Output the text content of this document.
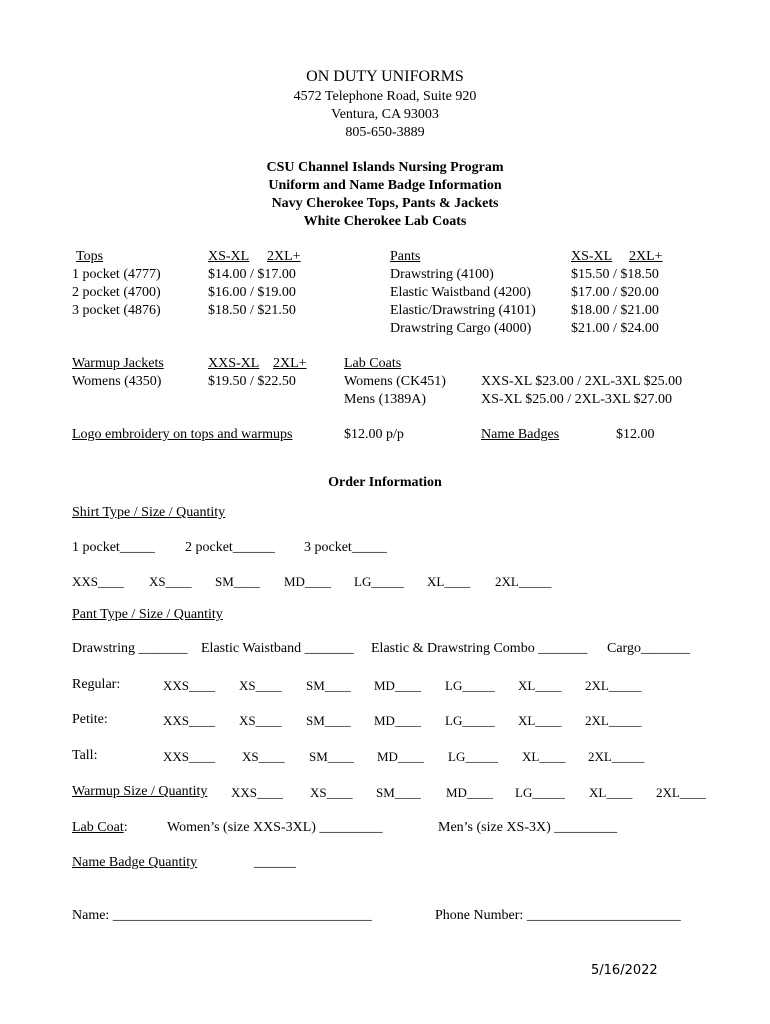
ON DUTY UNIFORMS
4572 Telephone Road, Suite 920
Ventura, CA 93003
805-650-3889
CSU Channel Islands Nursing Program
Uniform and Name Badge Information
Navy Cherokee Tops, Pants & Jackets
White Cherokee Lab Coats
Tops	XS-XL 2XL+
1 pocket (4777)	$14.00 / $17.00
2 pocket (4700)	$16.00 / $19.00
3 pocket (4876)	$18.50 / $21.50
Pants	XS-XL 2XL+
Drawstring (4100)	$15.50 / $18.50
Elastic Waistband (4200)	$17.00 / $20.00
Elastic/Drawstring (4101)	$18.00 / $21.00
Drawstring Cargo (4000)	$21.00 / $24.00
Warmup Jackets	XXS-XL 2XL+
Womens (4350)	$19.50 / $22.50
Lab Coats
Womens (CK451)	XXS-XL $23.00 / 2XL-3XL $25.00
Mens (1389A)	XS-XL $25.00 / 2XL-3XL $27.00
Logo embroidery on tops and warmups	$12.00 p/p	Name Badges	$12.00
Order Information
Shirt Type / Size / Quantity
1 pocket_____ 2 pocket______ 3 pocket_____
XXS____ XS____ SM____ MD____ LG_____ XL____ 2XL_____
Pant Type / Size / Quantity
Drawstring _______ Elastic Waistband _______ Elastic & Drawstring Combo _______ Cargo_______
Regular:	XXS____ XS____ SM____ MD____ LG_____ XL____ 2XL_____
Petite:	XXS____ XS____ SM____ MD____ LG_____ XL____ 2XL_____
Tall:	XXS____ XS____ SM____ MD____ LG_____ XL____ 2XL_____
Warmup Size / Quantity XXS____ XS____ SM____ MD____ LG_____ XL____ 2XL____
Lab Coat:	Women’s (size XXS-3XL) _________	Men’s (size XS-3X) _________
Name Badge Quantity	______
Name: _____________________________________	Phone Number: ______________________
5/16/2022
